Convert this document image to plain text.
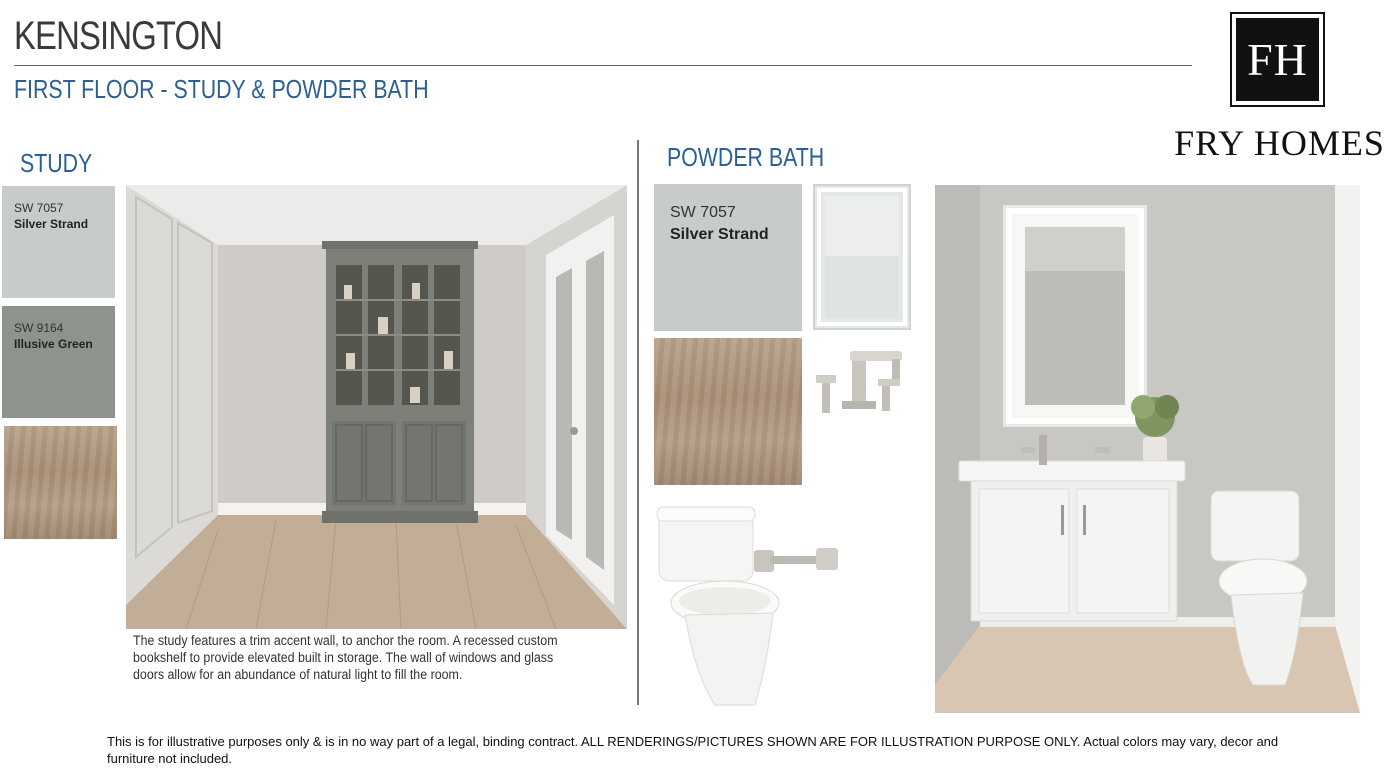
KENSINGTON
FIRST FLOOR - STUDY & POWDER BATH
FH
FRY HOMES
STUDY
SW 7057
Silver Strand
SW 9164
Illusive Green
The study features a trim accent wall, to anchor the room. A recessed custom bookshelf to provide elevated built in storage. The wall of windows and glass doors allow for an abundance of natural light to fill the room.
POWDER BATH
SW 7057
Silver Strand
This is for illustrative purposes only & is in no way part of a legal, binding contract. ALL RENDERINGS/PICTURES SHOWN ARE FOR ILLUSTRATION PURPOSE ONLY. Actual colors may vary, decor and furniture not included.
